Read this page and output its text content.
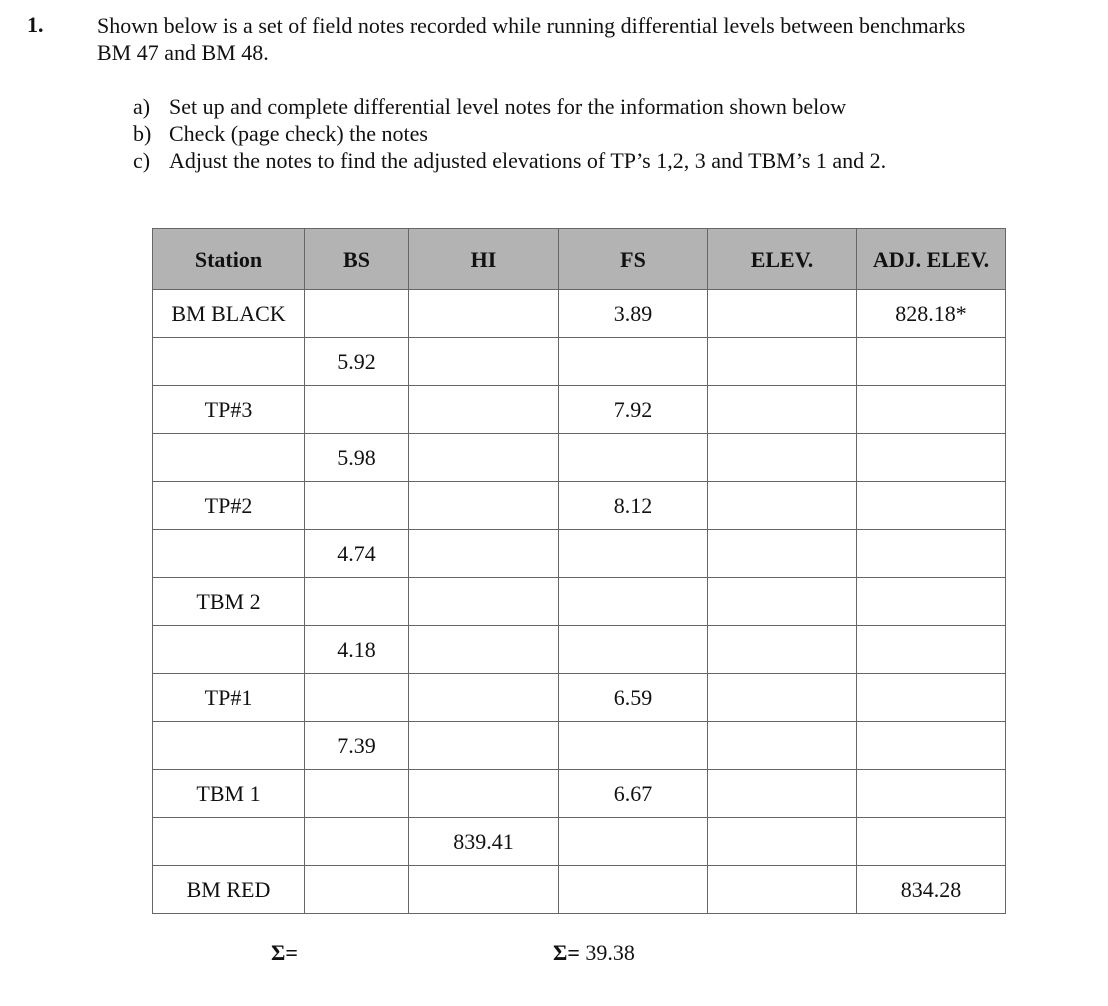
1. Shown below is a set of field notes recorded while running differential levels between benchmarks BM 47 and BM 48.
a) Set up and complete differential level notes for the information shown below
b) Check (page check) the notes
c) Adjust the notes to find the adjusted elevations of TP’s 1,2, 3 and TBM’s 1 and 2.
Station	BS	HI	FS	ELEV.	ADJ. ELEV.
BM BLACK			3.89		828.18*
	5.92				
TP#3			7.92		
	5.98				
TP#2			8.12		
	4.74				
TBM 2					
	4.18				
TP#1			6.59		
	7.39				
TBM 1			6.67		
		839.41			
BM RED					834.28
Σ=	Σ= 39.38
